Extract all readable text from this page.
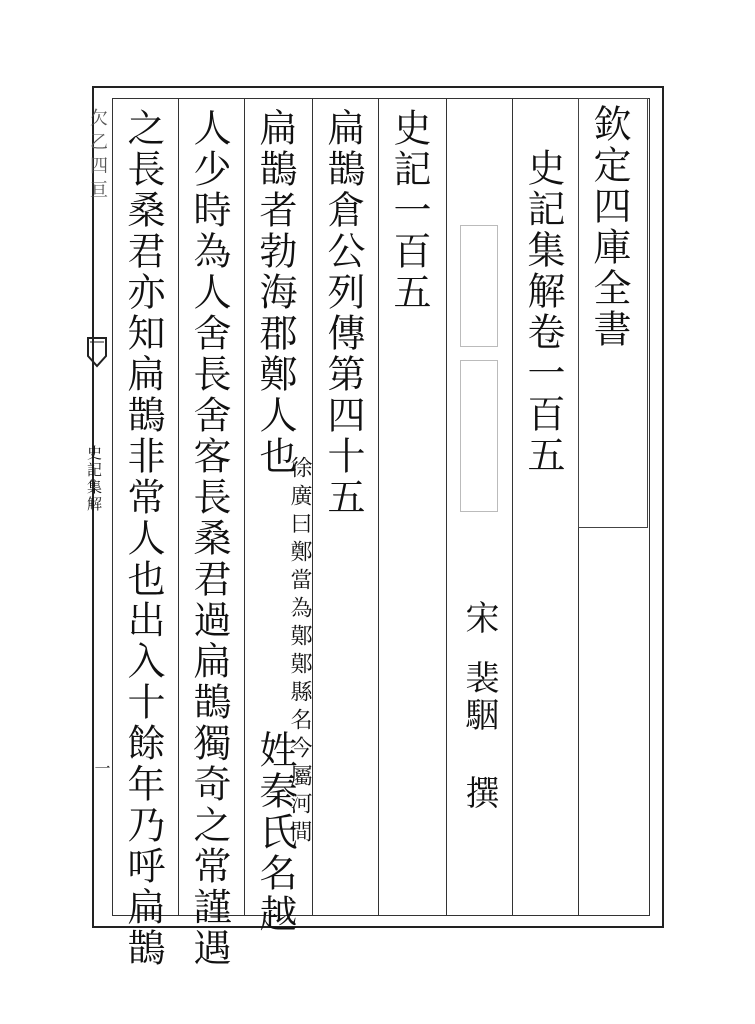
欠乙四亘
史記集解
一
欽定四庫全書
史記集解卷一百五
宋
裴駰
撰
史記一百五
扁鵲倉公列傳第四十五
扁鵲者勃海郡鄭人也
徐廣曰鄭當為鄚鄚縣名今屬河間
姓秦氏名越
人少時為人舍長舍客長桑君過扁鵲獨奇之常謹遇
之長桑君亦知扁鵲非常人也出入十餘年乃呼扁鵲
